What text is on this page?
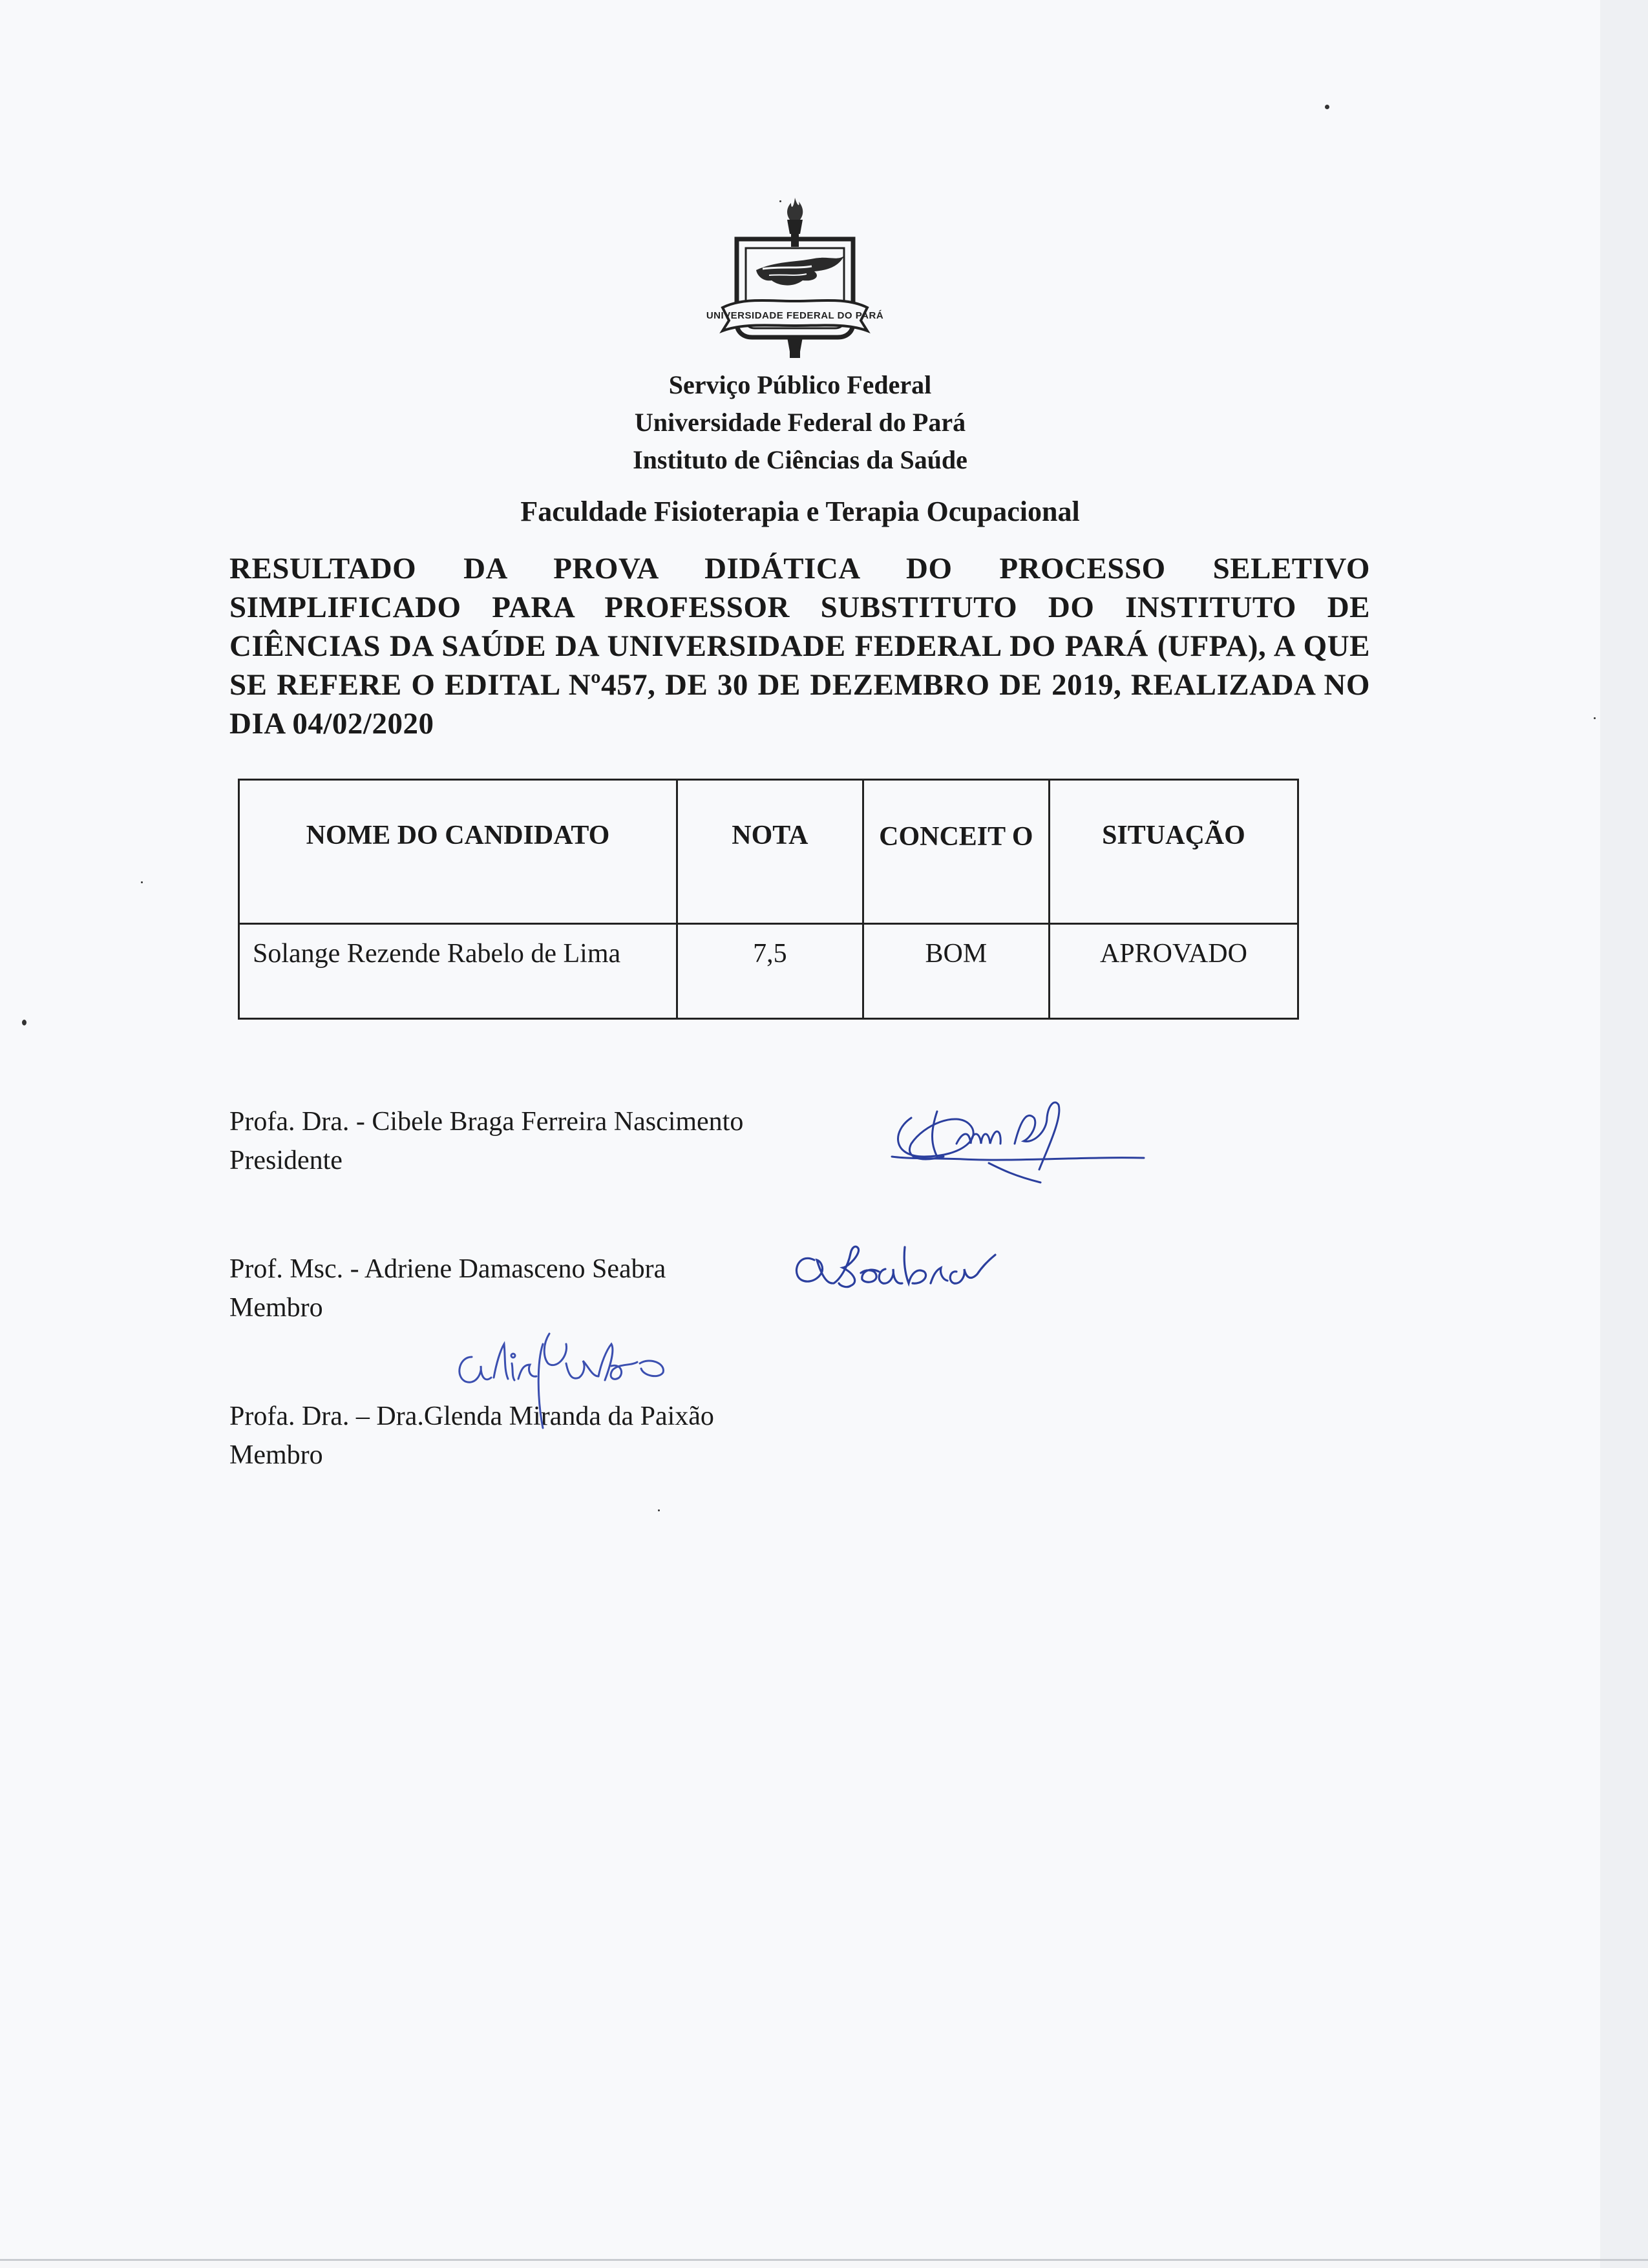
UNIVERSIDADE FEDERAL DO PARÁ
Serviço Público Federal
Universidade Federal do Pará
Instituto de Ciências da Saúde
Faculdade Fisioterapia e Terapia Ocupacional
RESULTADO DA PROVA DIDÁTICA DO PROCESSO SELETIVO SIMPLIFICADO PARA PROFESSOR SUBSTITUTO DO INSTITUTO DE CIÊNCIAS DA SAÚDE DA UNIVERSIDADE FEDERAL DO PARÁ (UFPA), A QUE SE REFERE O EDITAL Nº457, DE 30 DE DEZEMBRO DE 2019, REALIZADA NO DIA 04/02/2020
NOME DO CANDIDATO	NOTA	CONCEIT O	SITUAÇÃO
Solange Rezende Rabelo de Lima	7,5	BOM	APROVADO
Profa. Dra. - Cibele Braga Ferreira Nascimento
Presidente
Prof. Msc. - Adriene Damasceno Seabra
Membro
Profa. Dra. – Dra.Glenda Miranda da Paixão
Membro
